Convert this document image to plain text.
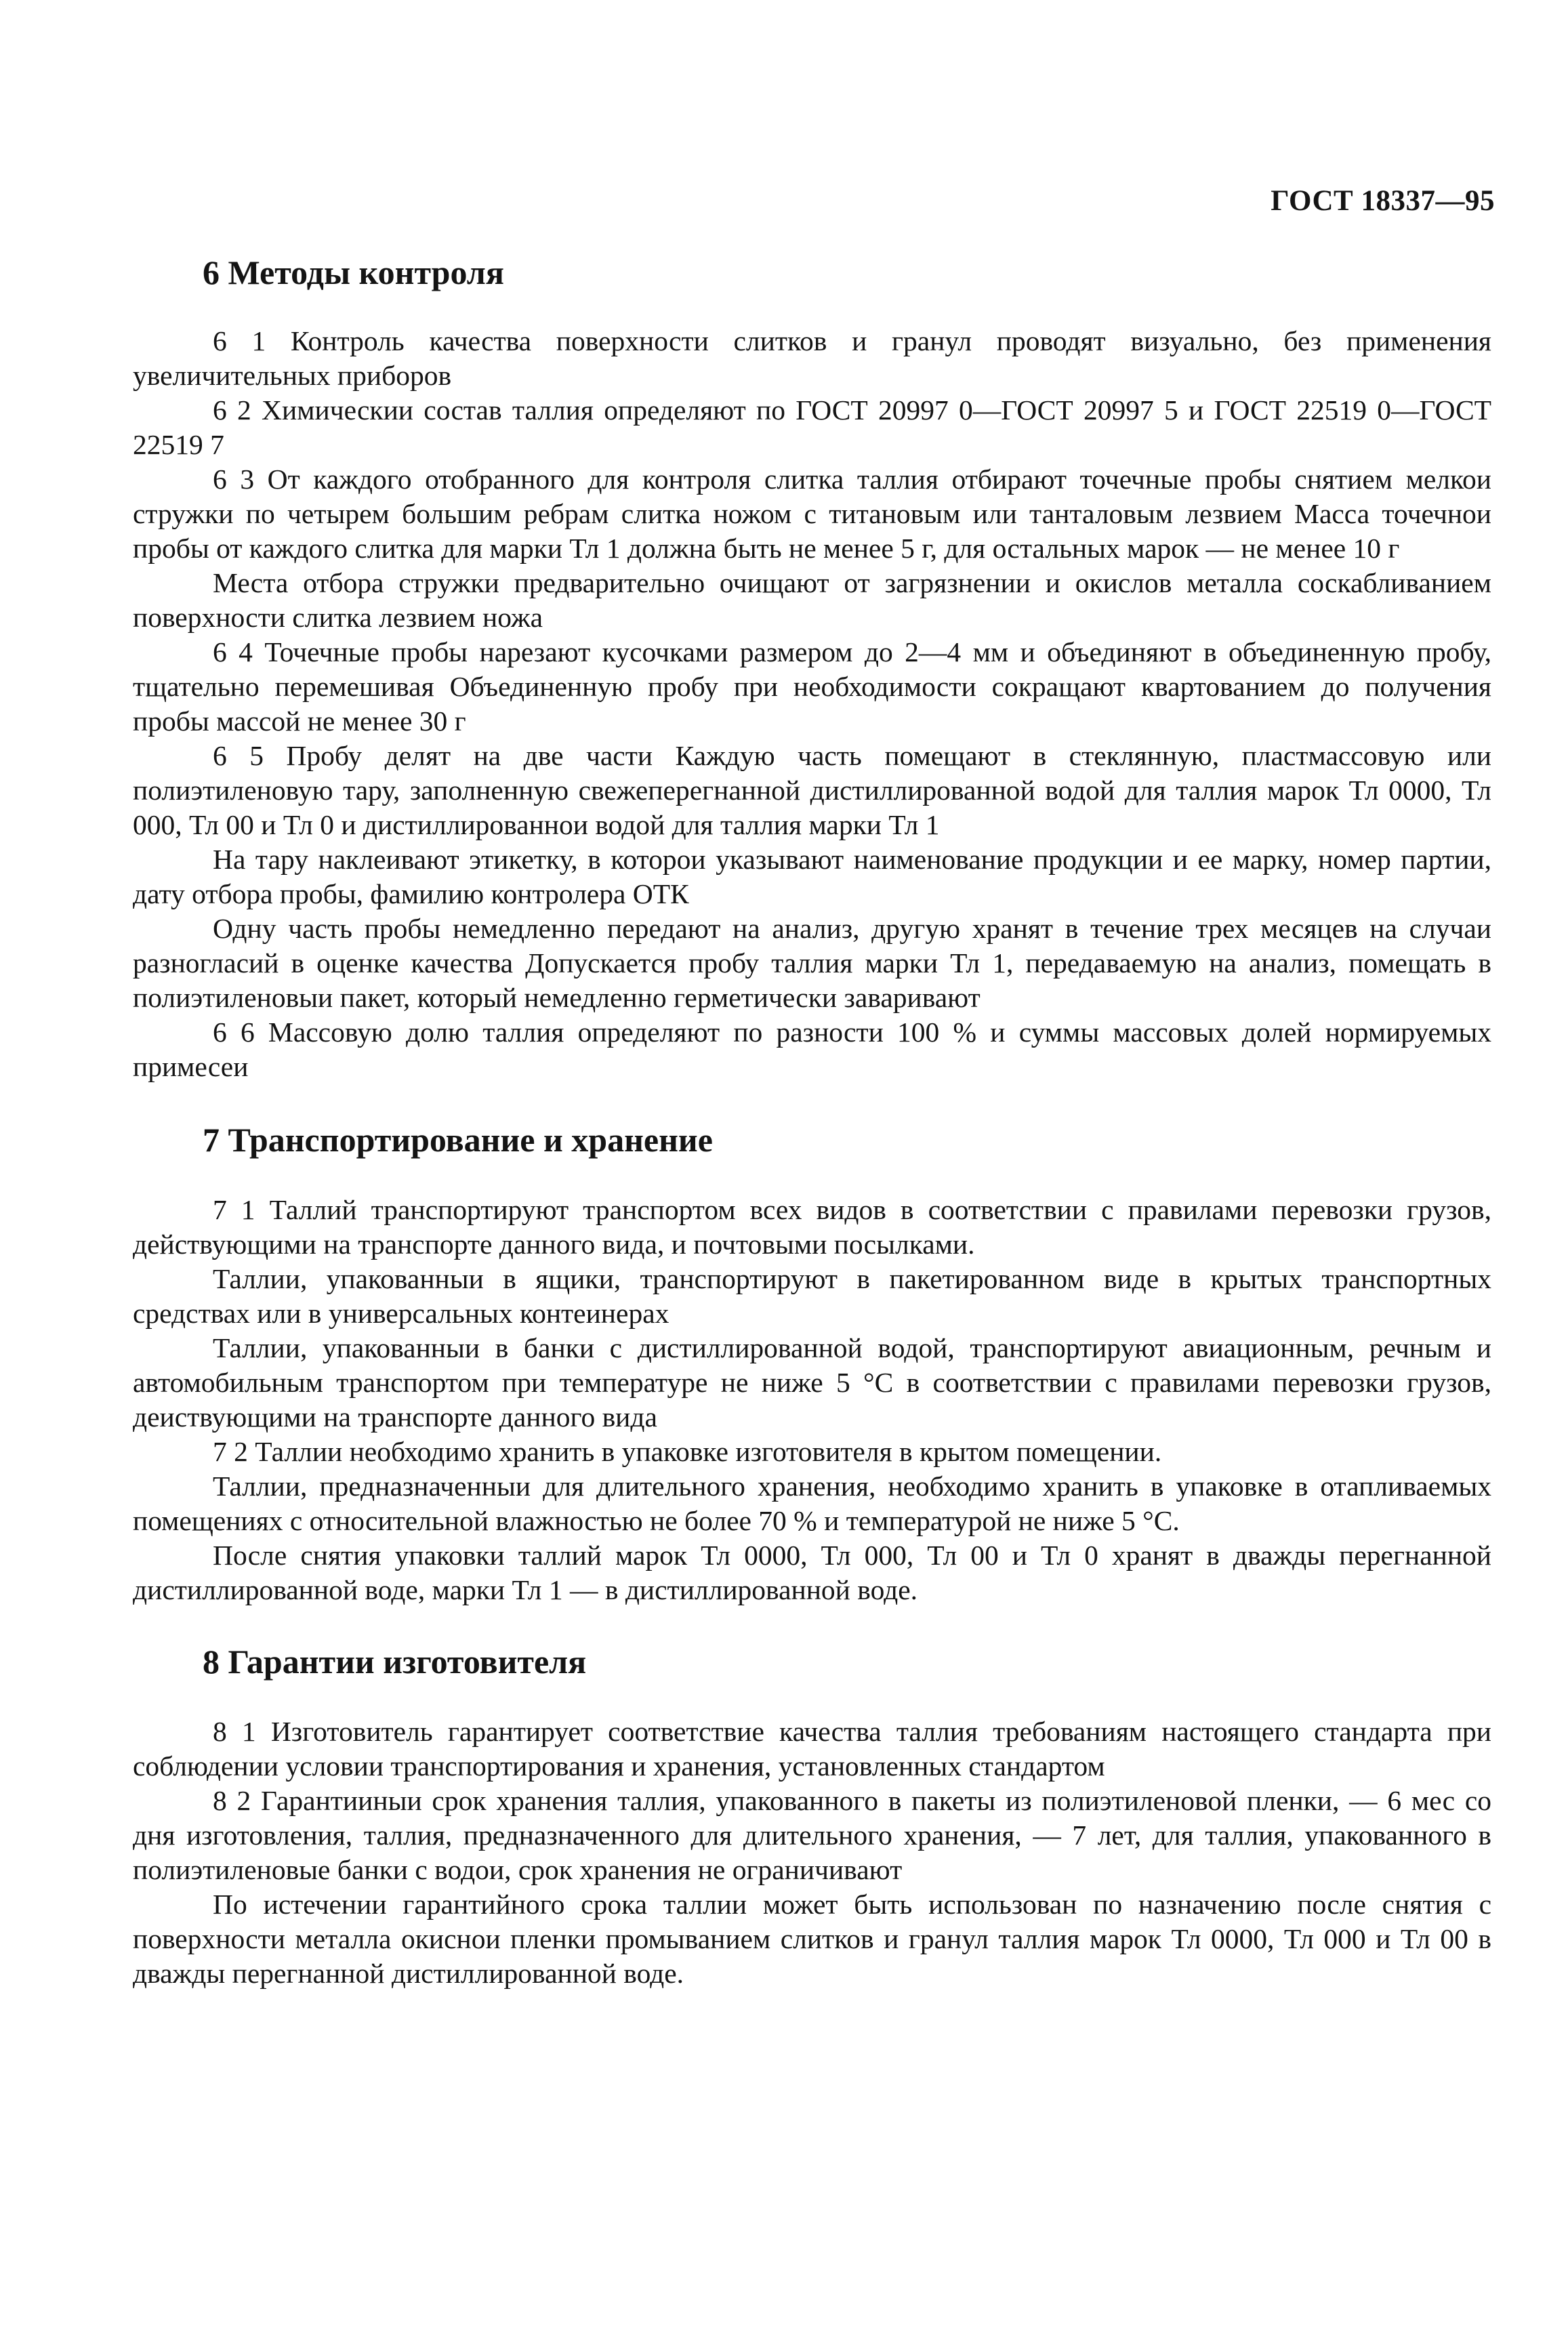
ГОСТ 18337—95
6 Методы контроля

6 1 Контроль качества поверхности слитков и гранул проводят визуально, без применения увеличительных приборов

6 2 Химическии состав таллия определяют по ГОСТ 20997 0—ГОСТ 20997 5 и ГОСТ 22519 0—ГОСТ 22519 7

6 3 От каждого отобранного для контроля слитка таллия отбирают точечные пробы снятием мелкои стружки по четырем большим ребрам слитка ножом с титановым или танталовым лезвием Масса точечнои пробы от каждого слитка для марки Тл 1 должна быть не менее 5 г, для остальных марок — не менее 10 г

Места отбора стружки предварительно очищают от загрязнении и окислов металла соскабливанием поверхности слитка лезвием ножа

6 4 Точечные пробы нарезают кусочками размером до 2—4 мм и объединяют в объединенную пробу, тщательно перемешивая Объединенную пробу при необходимости сокращают квартованием до получения пробы массой не менее 30 г

6 5 Пробу делят на две части Каждую часть помещают в стеклянную, пластмассовую или полиэтиленовую тару, заполненную свежеперегнанной дистиллированной водой для таллия марок Тл 0000, Тл 000, Тл 00 и Тл 0 и дистиллированнои водой для таллия марки Тл 1

На тару наклеивают этикетку, в которои указывают наименование продукции и ее марку, номер партии, дату отбора пробы, фамилию контролера ОТК

Одну часть пробы немедленно передают на анализ, другую хранят в течение трех месяцев на случаи разногласий в оценке качества Допускается пробу таллия марки Тл 1, передаваемую на анализ, помещать в полиэтиленовыи пакет, который немедленно герметически заваривают

6 6 Массовую долю таллия определяют по разности 100 % и суммы массовых долей нормируемых примесеи

7 Транспортирование и хранение

7 1 Таллий транспортируют транспортом всех видов в соответствии с правилами перевозки грузов, действующими на транспорте данного вида, и почтовыми посылками.

Таллии, упакованныи в ящики, транспортируют в пакетированном виде в крытых транспортных средствах или в универсальных контеинерах

Таллии, упакованныи в банки с дистиллированной водой, транспортируют авиационным, речным и автомобильным транспортом при температуре не ниже 5 °С в соответствии с правилами перевозки грузов, деиствующими на транспорте данного вида

7 2 Таллии необходимо хранить в упаковке изготовителя в крытом помещении.

Таллии, предназначенныи для длительного хранения, необходимо хранить в упаковке в отапливаемых помещениях с относительной влажностью не более 70 % и температурой не ниже 5 °С.

После снятия упаковки таллий марок Тл 0000, Тл 000, Тл 00 и Тл 0 хранят в дважды перегнанной дистиллированной воде, марки Тл 1 — в дистиллированной воде.

8 Гарантии изготовителя

8 1 Изготовитель гарантирует соответствие качества таллия требованиям настоящего стандарта при соблюдении условии транспортирования и хранения, установленных стандартом

8 2 Гарантииныи срок хранения таллия, упакованного в пакеты из полиэтиленовой пленки, — 6 мес со дня изготовления, таллия, предназначенного для длительного хранения, — 7 лет, для таллия, упакованного в полиэтиленовые банки с водои, срок хранения не ограничивают

По истечении гарантийного срока таллии может быть использован по назначению после снятия с поверхности металла окиснои пленки промыванием слитков и гранул таллия марок Тл 0000, Тл 000 и Тл 00 в дважды перегнанной дистиллированной воде.
